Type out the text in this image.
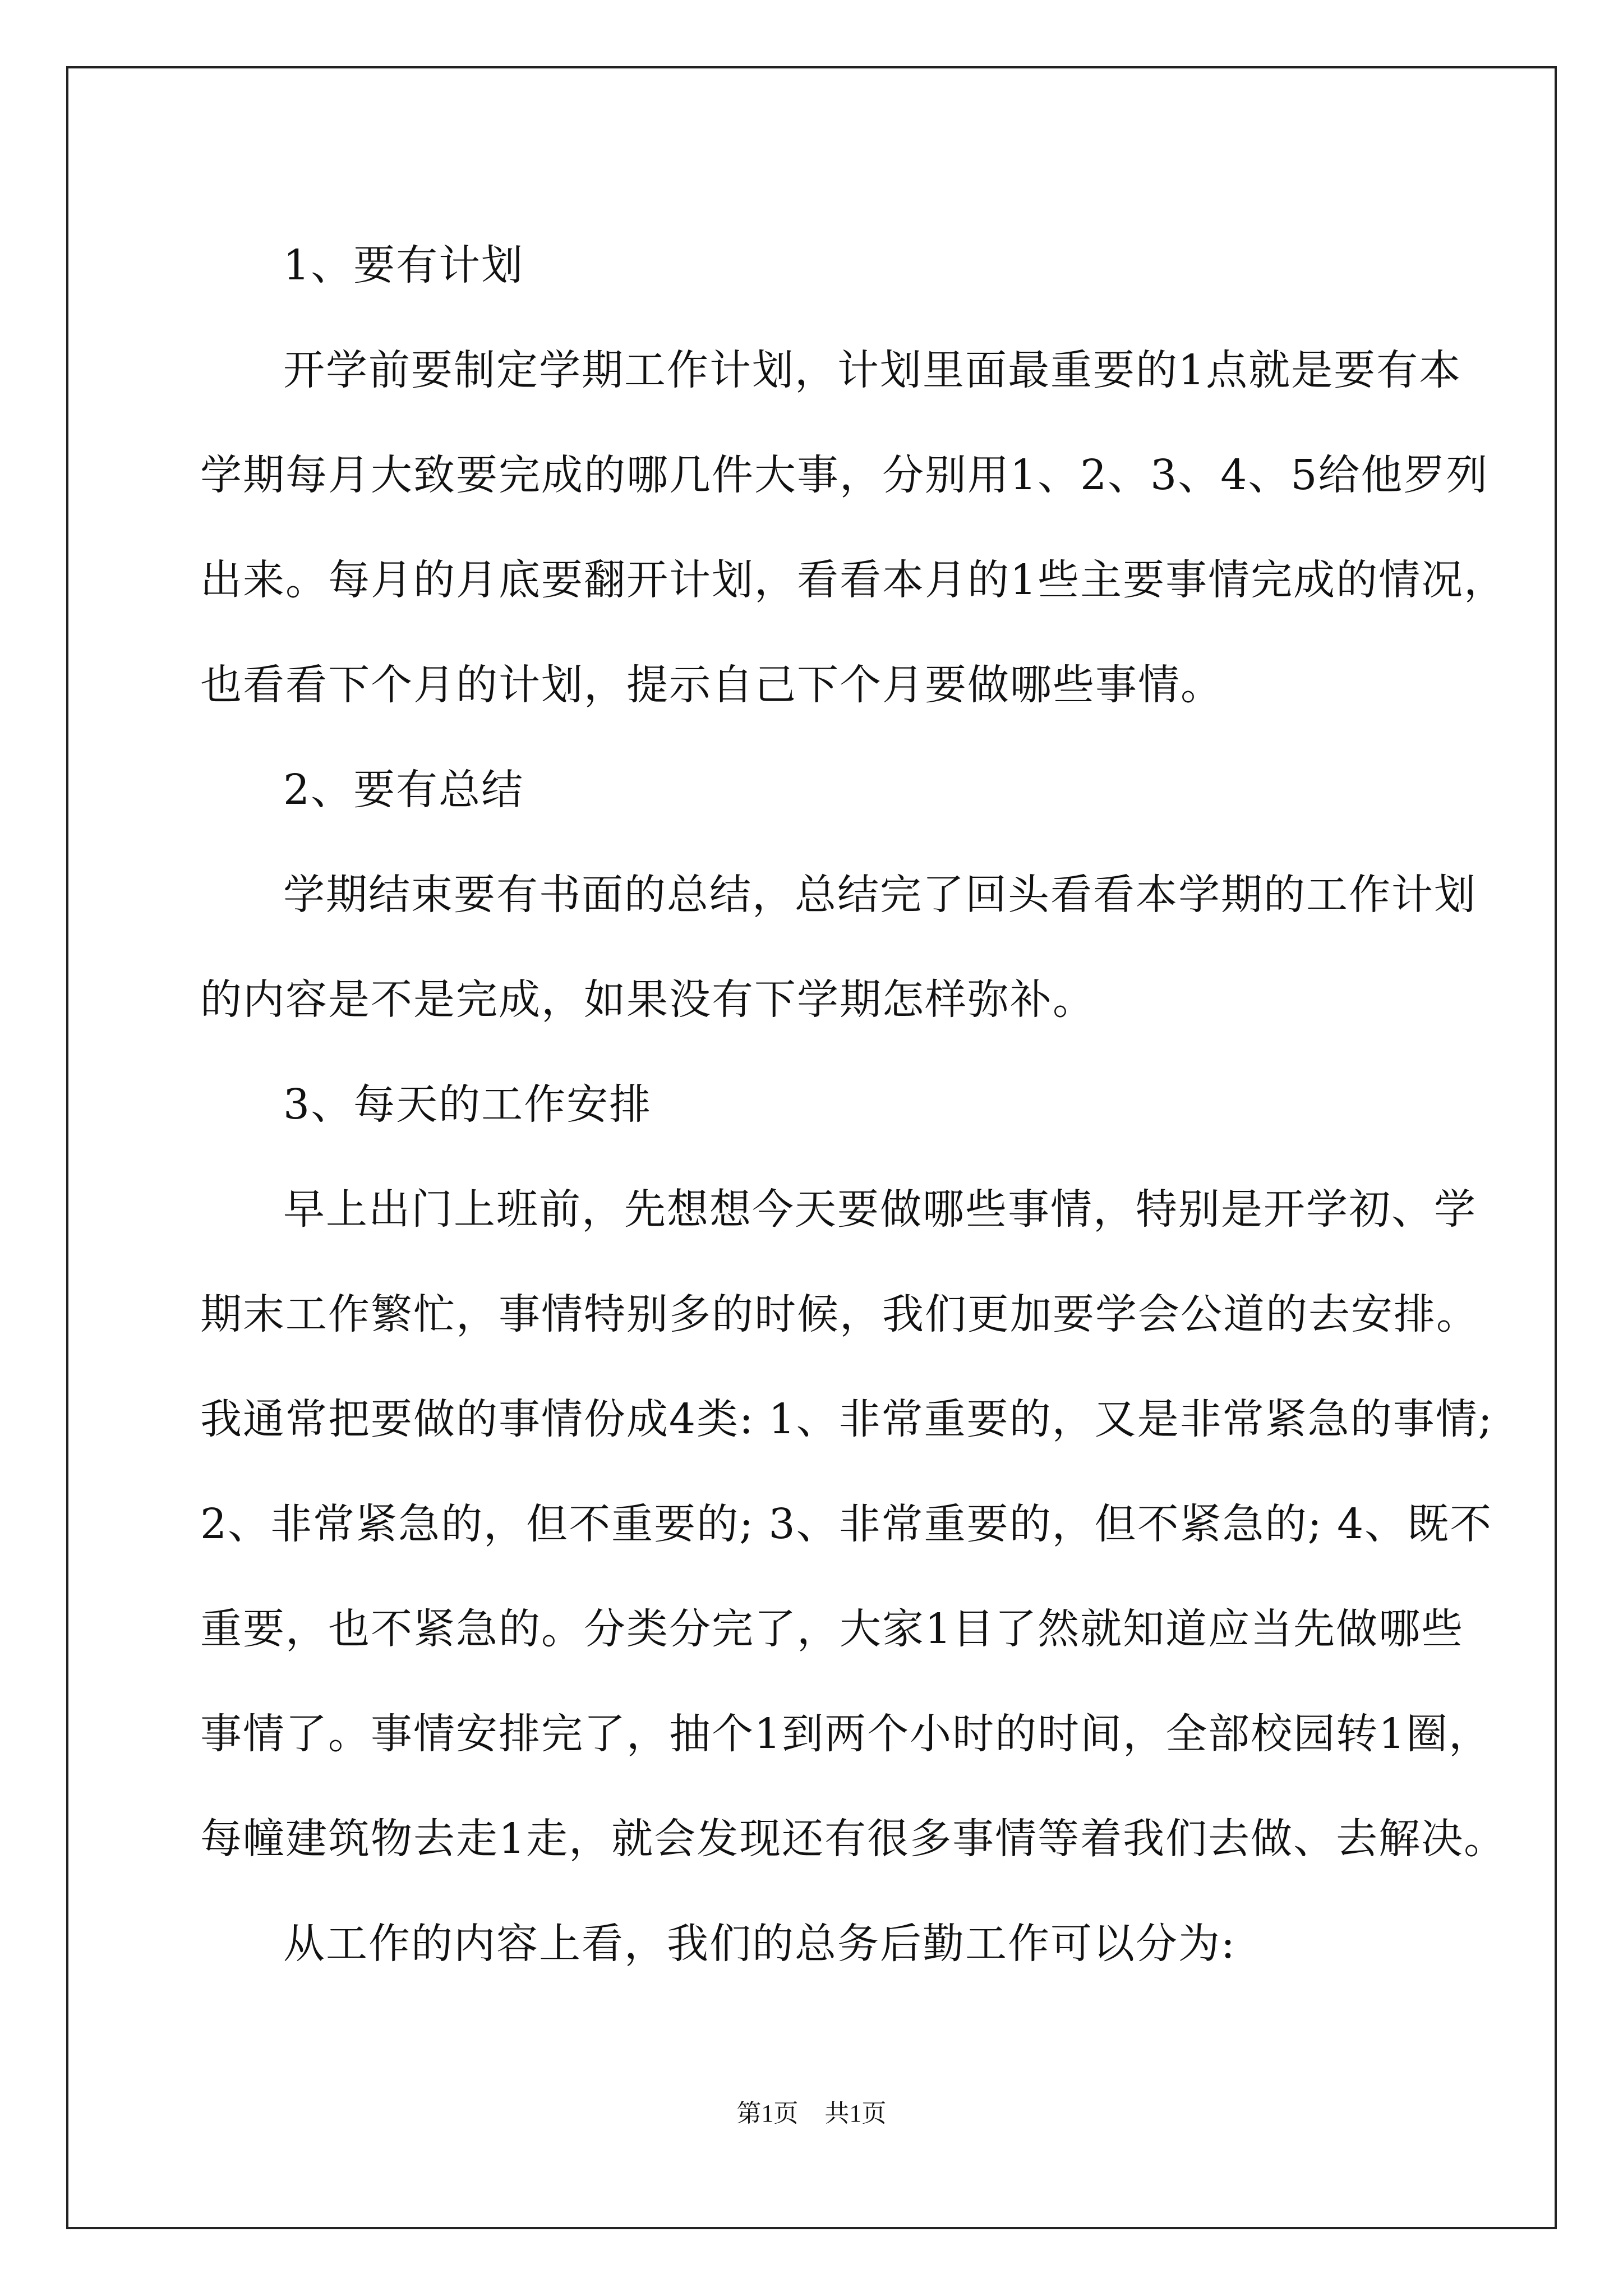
1、要有计划

开学前要制定学期工作计划，计划里面最重要的1点就是要有本
学期每月大致要完成的哪几件大事，分别用1、2、3、4、5给他罗列
出来。每月的月底要翻开计划，看看本月的1些主要事情完成的情况，
也看看下个月的计划，提示自己下个月要做哪些事情。

2、要有总结

学期结束要有书面的总结，总结完了回头看看本学期的工作计划
的内容是不是完成，如果没有下学期怎样弥补。

3、每天的工作安排

早上出门上班前，先想想今天要做哪些事情，特别是开学初、学
期末工作繁忙，事情特别多的时候，我们更加要学会公道的去安排。
我通常把要做的事情份成4类: 1、非常重要的，又是非常紧急的事情;
2、非常紧急的，但不重要的; 3、非常重要的，但不紧急的; 4、既不
重要，也不紧急的。分类分完了，大家1目了然就知道应当先做哪些
事情了。事情安排完了，抽个1到两个小时的时间，全部校园转1圈，
每幢建筑物去走1走，就会发现还有很多事情等着我们去做、去解决。
从工作的内容上看，我们的总务后勤工作可以分为:
第1页 共1页
